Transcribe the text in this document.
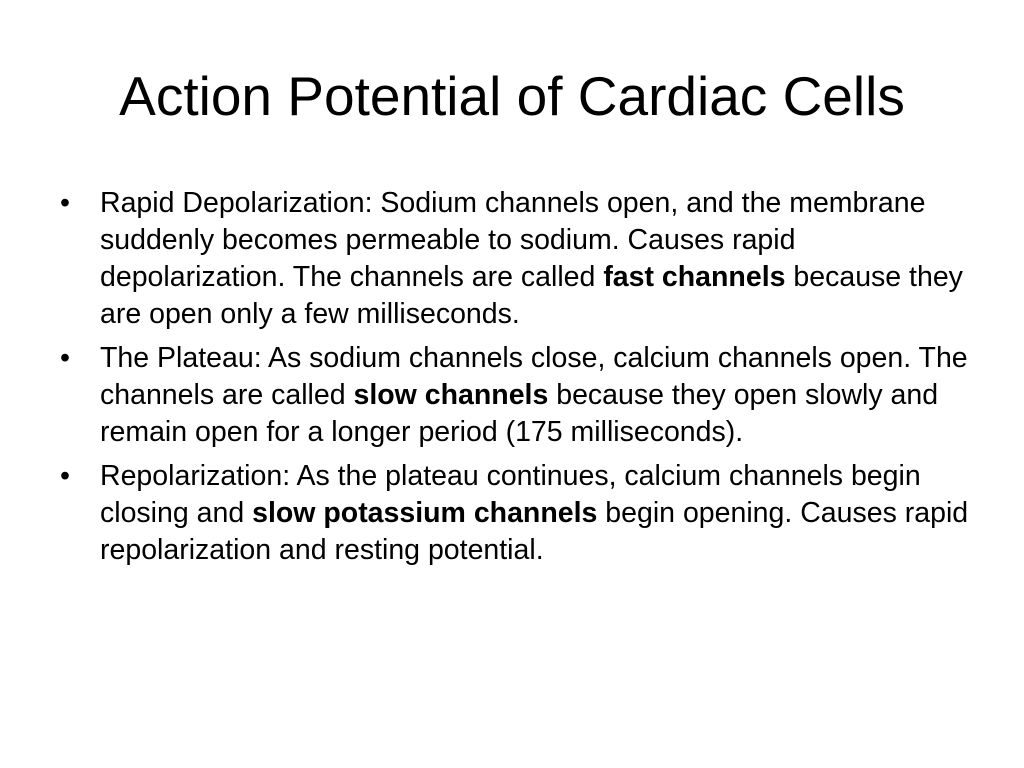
Action Potential of Cardiac Cells
• Rapid Depolarization: Sodium channels open, and the membrane suddenly becomes permeable to sodium. Causes rapid depolarization. The channels are called fast channels because they are open only a few milliseconds.
• The Plateau: As sodium channels close, calcium channels open. The channels are called slow channels because they open slowly and remain open for a longer period (175 milliseconds).
• Repolarization: As the plateau continues, calcium channels begin closing and slow potassium channels begin opening. Causes rapid repolarization and resting potential.
